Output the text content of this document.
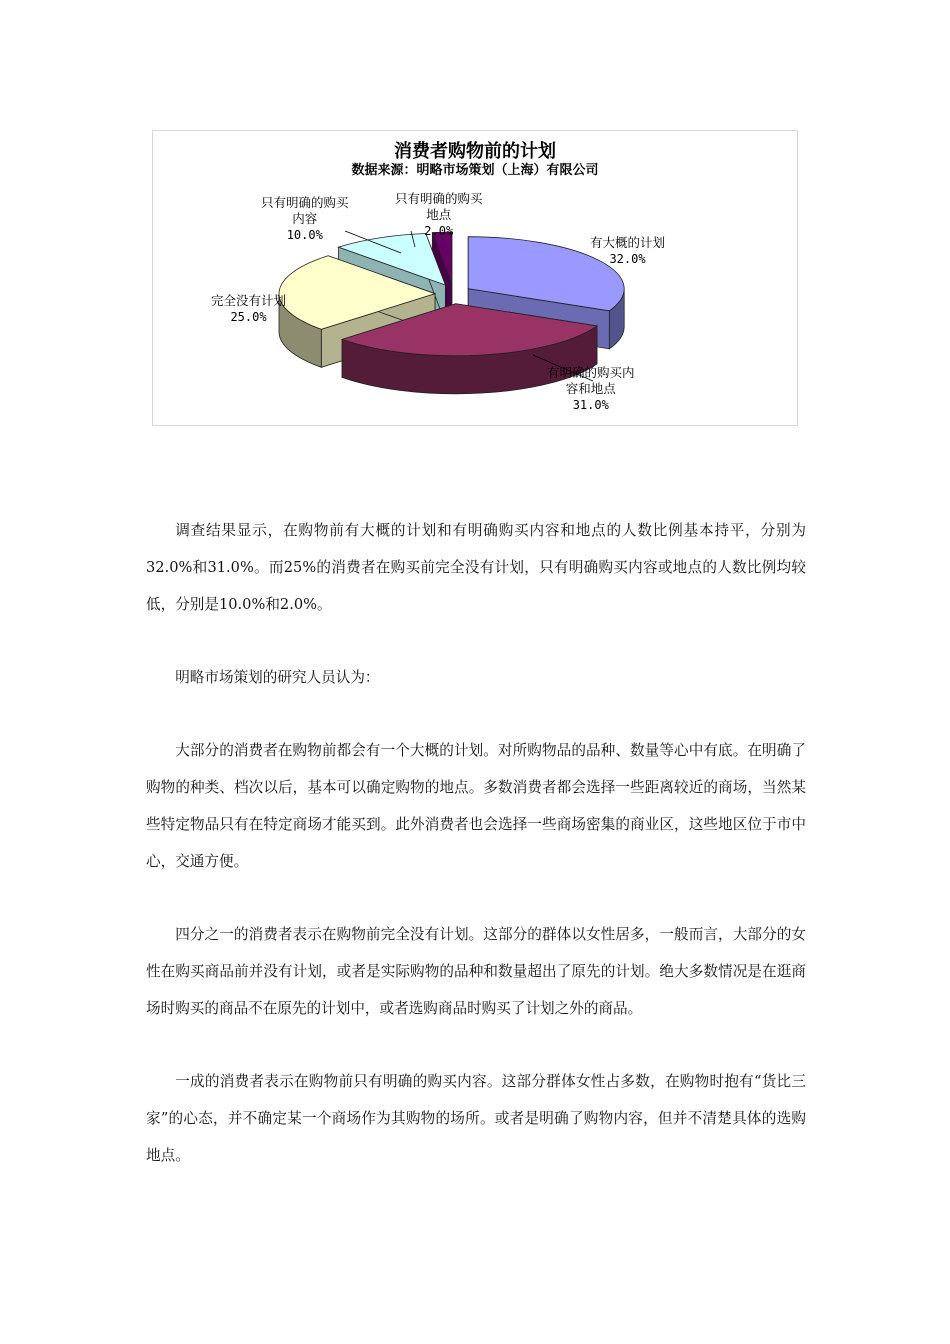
消费者购物前的计划
数据来源：明略市场策划（上海）有限公司
有大概的计划
32.0%
有明确的购买内
容和地点
31.0%
完全没有计划
25.0%
只有明确的购买
内容
10.0%
只有明确的购买
地点
2.0%

调查结果显示，在购物前有大概的计划和有明确购买内容和地点的人数比例基本持平，分别为32.0%和31.0%。而25%的消费者在购买前完全没有计划，只有明确购买内容或地点的人数比例均较低，分别是10.0%和2.0%。

明略市场策划的研究人员认为：

大部分的消费者在购物前都会有一个大概的计划。对所购物品的品种、数量等心中有底。在明确了购物的种类、档次以后，基本可以确定购物的地点。多数消费者都会选择一些距离较近的商场，当然某些特定物品只有在特定商场才能买到。此外消费者也会选择一些商场密集的商业区，这些地区位于市中心，交通方便。

四分之一的消费者表示在购物前完全没有计划。这部分的群体以女性居多，一般而言，大部分的女性在购买商品前并没有计划，或者是实际购物的品种和数量超出了原先的计划。绝大多数情况是在逛商场时购买的商品不在原先的计划中，或者选购商品时购买了计划之外的商品。

一成的消费者表示在购物前只有明确的购买内容。这部分群体女性占多数，在购物时抱有“货比三家”的心态，并不确定某一个商场作为其购物的场所。或者是明确了购物内容，但并不清楚具体的选购地点。
